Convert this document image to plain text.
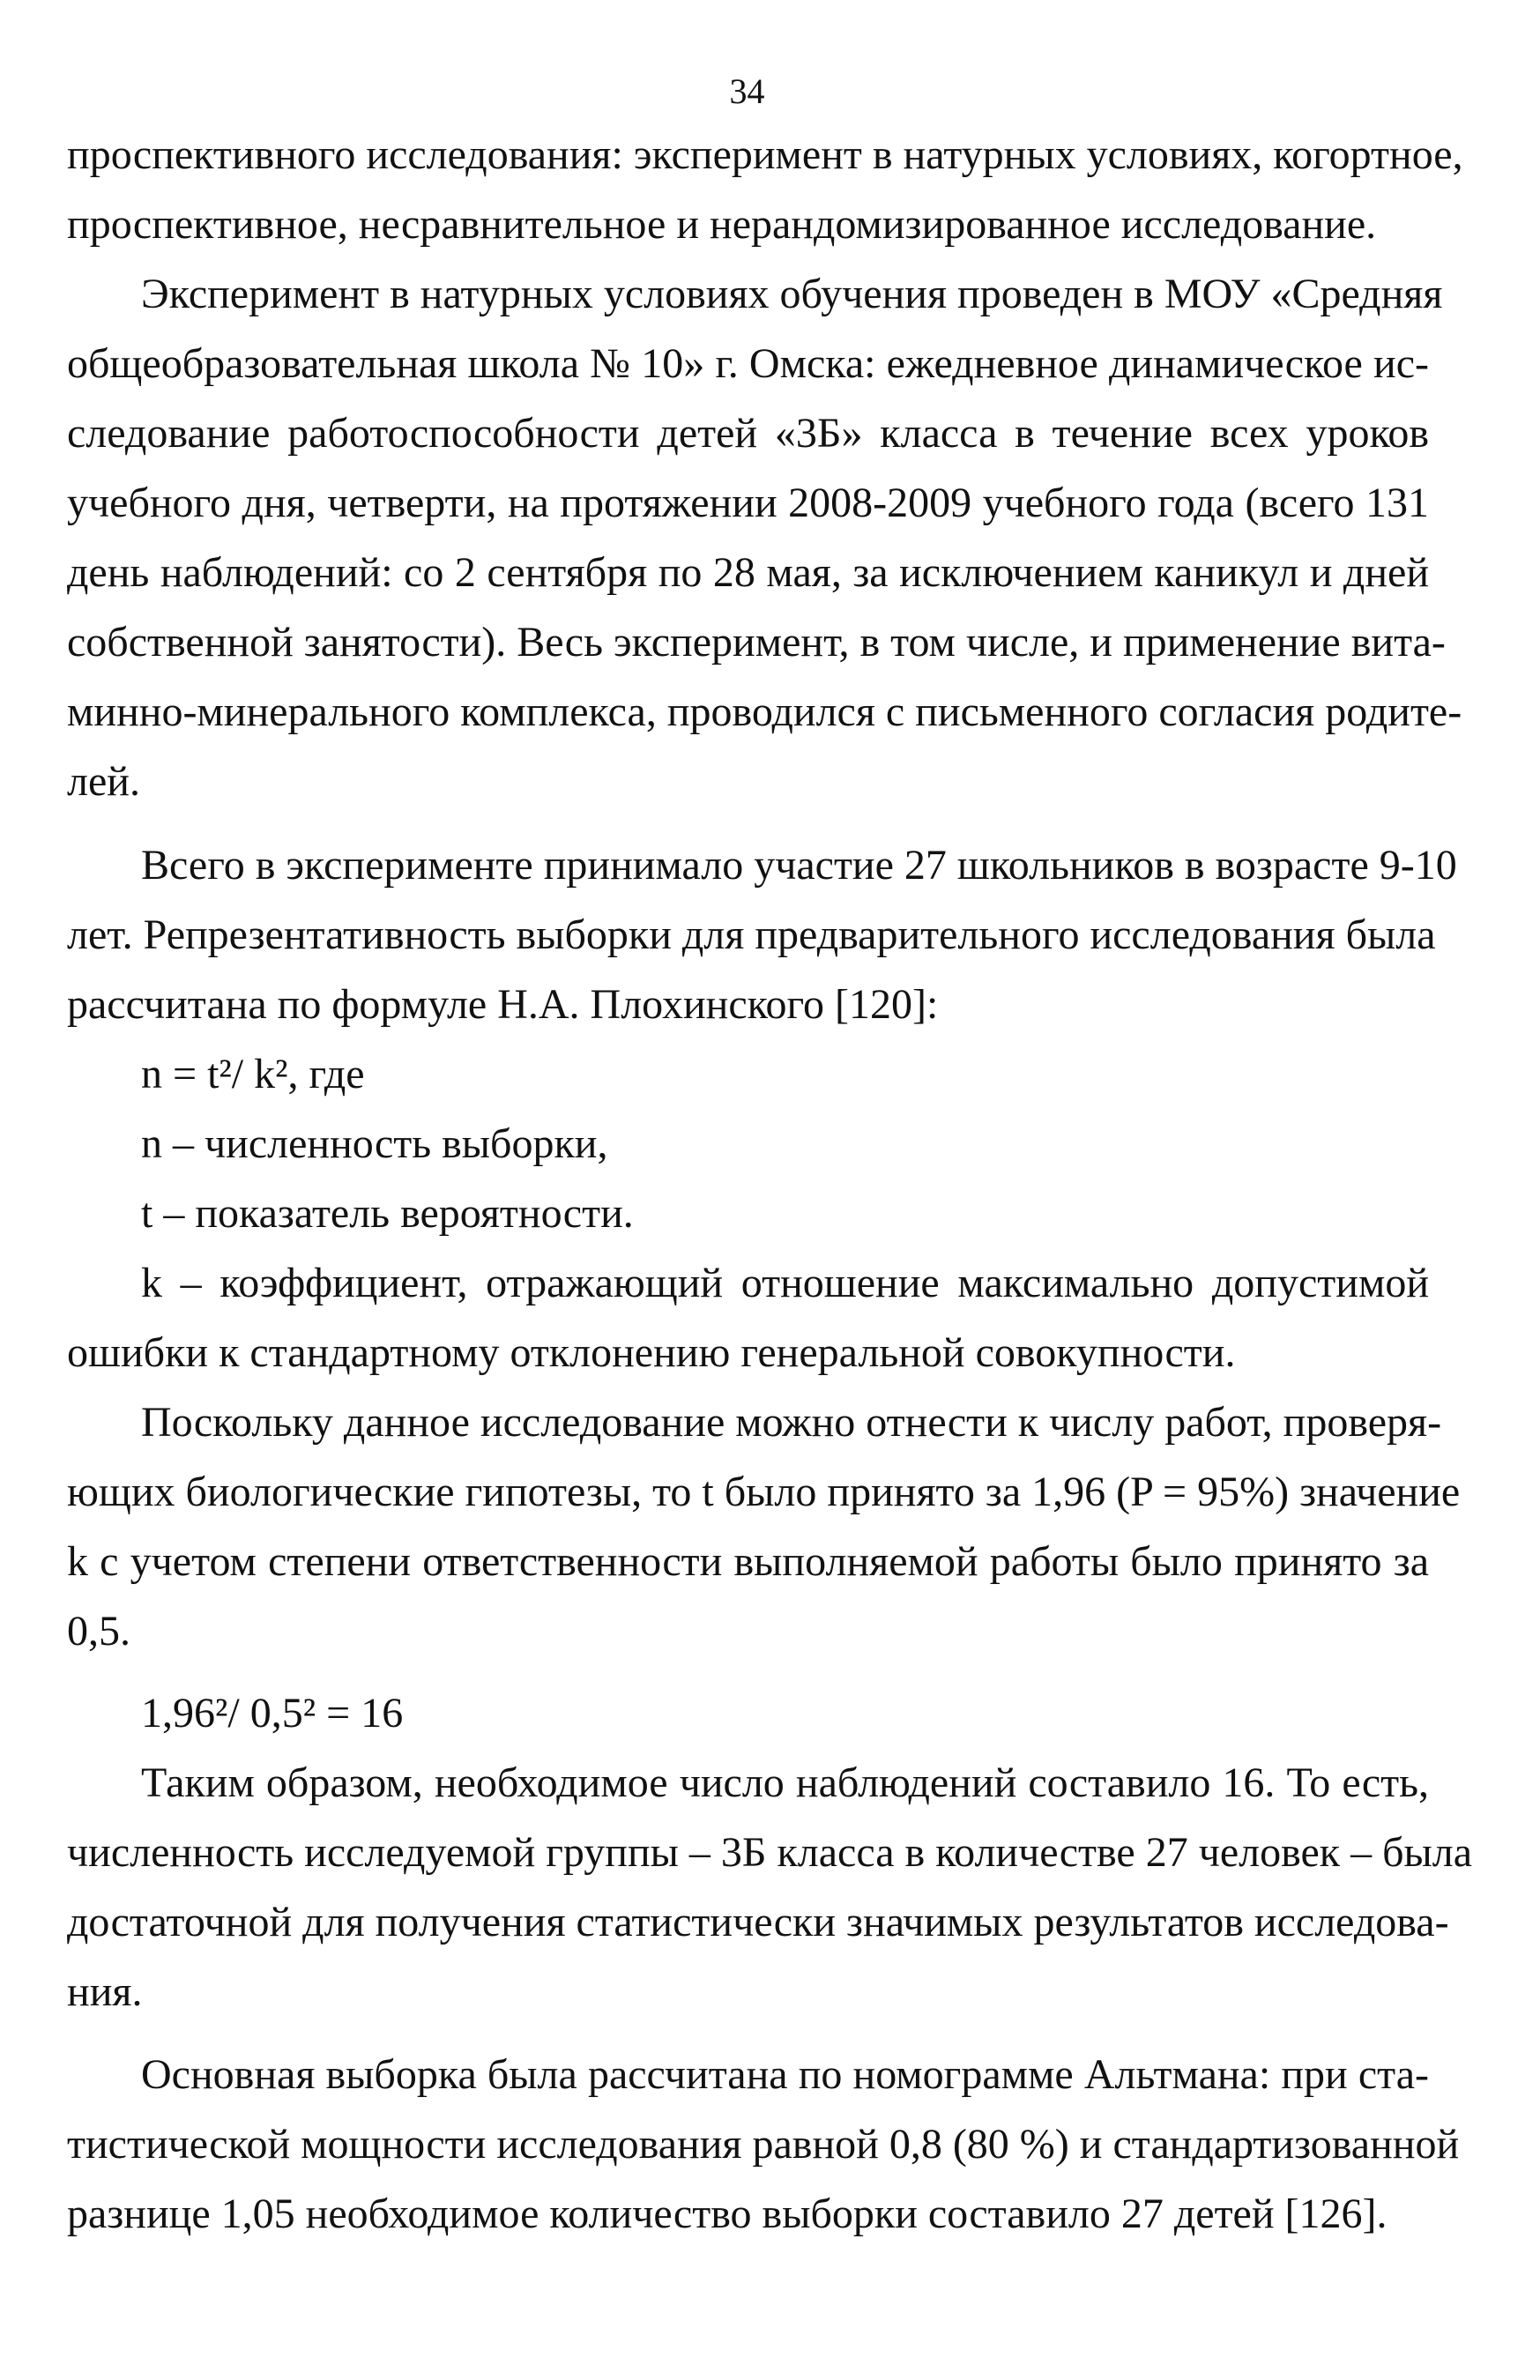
34
проспективного исследования: эксперимент в натурных условиях, когортное,
проспективное, несравнительное и нерандомизированное исследование.
Эксперимент в натурных условиях обучения проведен в МОУ «Средняя
общеобразовательная школа № 10» г. Омска: ежедневное динамическое ис-
следование работоспособности детей «3Б» класса в течение всех уроков
учебного дня, четверти, на протяжении 2008-2009 учебного года (всего 131
день наблюдений: со 2 сентября по 28 мая, за исключением каникул и дней
собственной занятости). Весь эксперимент, в том числе, и применение вита-
минно-минерального комплекса, проводился с письменного согласия родите-
лей.
Всего в эксперименте принимало участие 27 школьников в возрасте 9-10
лет. Репрезентативность выборки для предварительного исследования была
рассчитана по формуле Н.А. Плохинского [120]:
n = t²/ k², где
n – численность выборки,
t – показатель вероятности.
k – коэффициент, отражающий отношение максимально допустимой
ошибки к стандартному отклонению генеральной совокупности.
Поскольку данное исследование можно отнести к числу работ, проверя-
ющих биологические гипотезы, то t было принято за 1,96 (P = 95%) значение
k с учетом степени ответственности выполняемой работы было принято за
0,5.
1,96²/ 0,5² = 16
Таким образом, необходимое число наблюдений составило 16. То есть,
численность исследуемой группы – 3Б класса в количестве 27 человек – была
достаточной для получения статистически значимых результатов исследова-
ния.
Основная выборка была рассчитана по номограмме Альтмана: при ста-
тистической мощности исследования равной 0,8 (80 %) и стандартизованной
разнице 1,05 необходимое количество выборки составило 27 детей [126].
